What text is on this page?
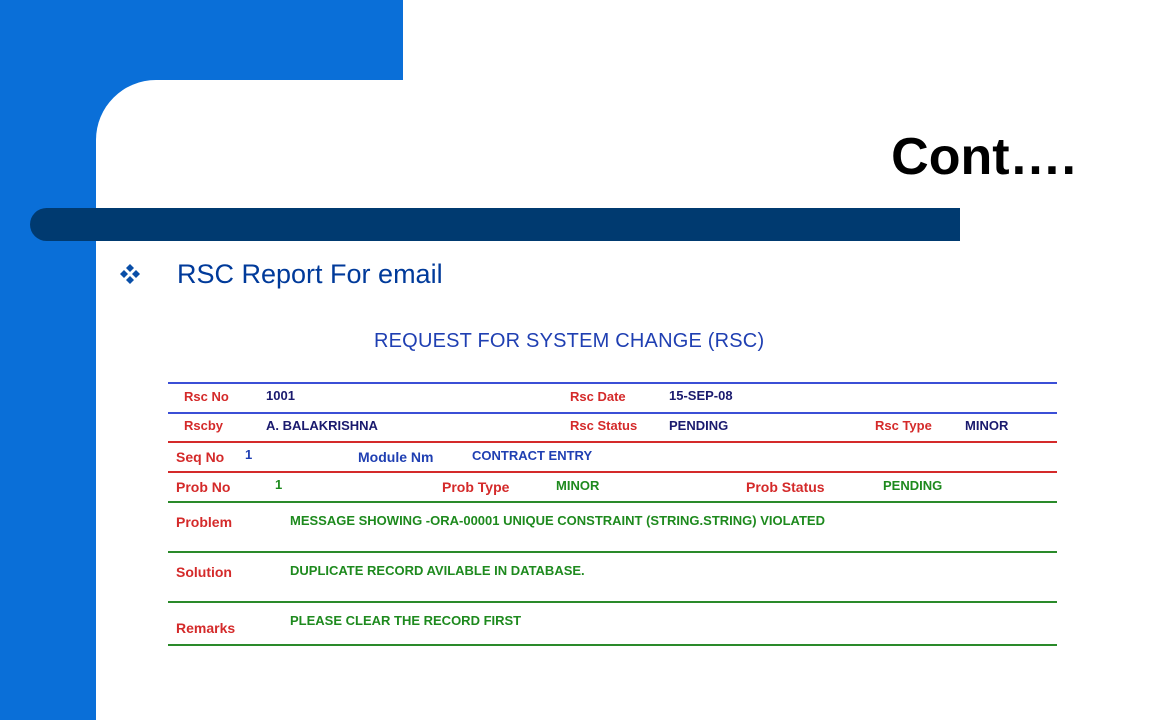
Cont….
RSC Report For email
REQUEST FOR SYSTEM CHANGE (RSC)
Rsc No	1001	Rsc Date	15-SEP-08
Rscby	A. BALAKRISHNA	Rsc Status PENDING	Rsc Type	MINOR
Seq No 1	Module Nm	CONTRACT ENTRY
Prob No	1	Prob Type	MINOR	Prob Status	PENDING
Problem	MESSAGE SHOWING -ORA-00001 UNIQUE CONSTRAINT (STRING.STRING) VIOLATED
Solution	DUPLICATE RECORD AVILABLE IN DATABASE.
Remarks	PLEASE CLEAR THE RECORD FIRST
